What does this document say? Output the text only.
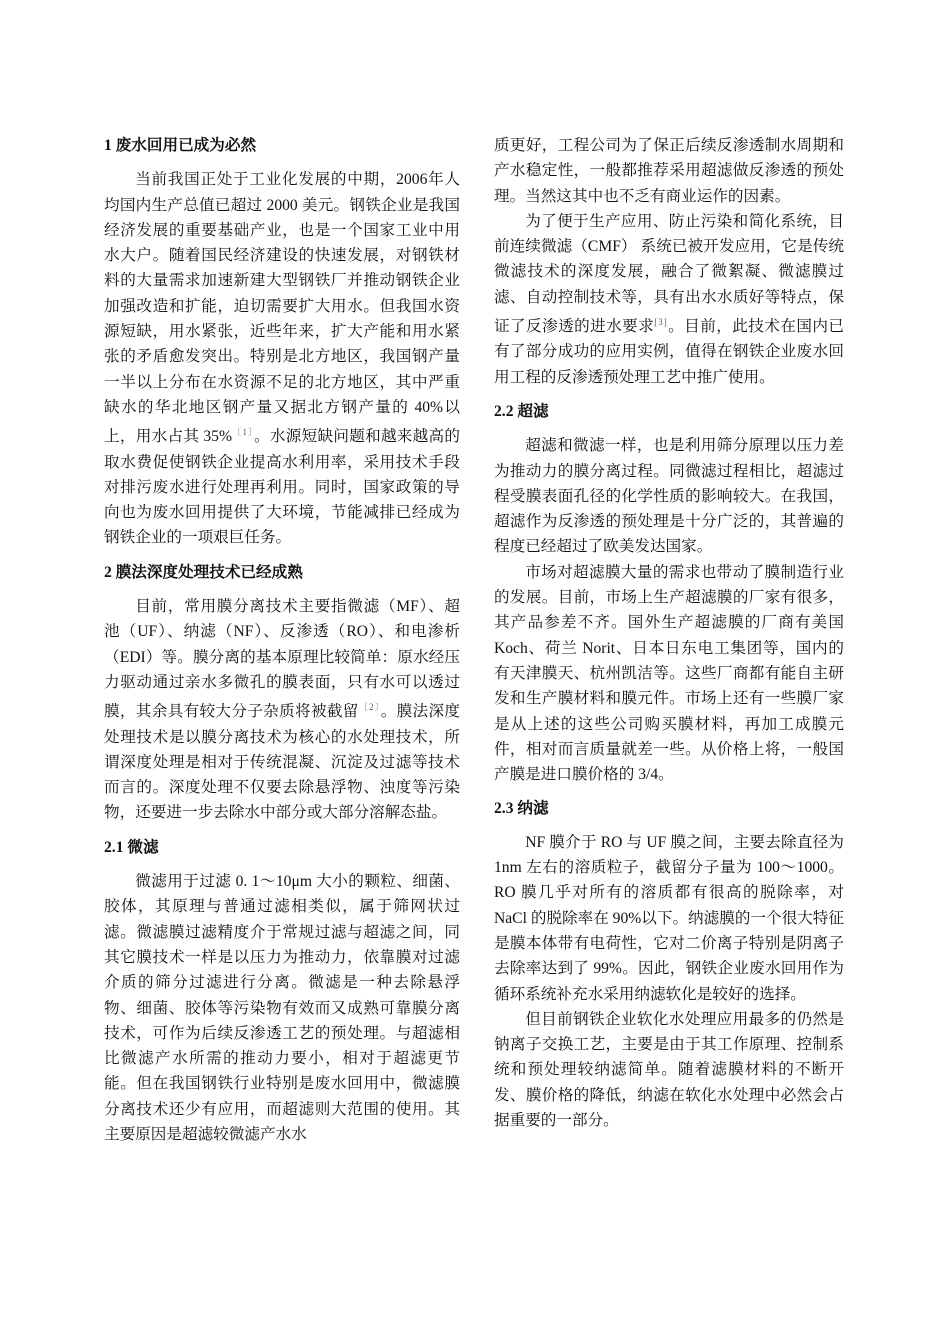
1 废水回用已成为必然

当前我国正处于工业化发展的中期，2006年人均国内生产总值已超过 2000 美元。钢铁企业是我国经济发展的重要基础产业，也是一个国家工业中用水大户。随着国民经济建设的快速发展，对钢铁材料的大量需求加速新建大型钢铁厂并推动钢铁企业加强改造和扩能，迫切需要扩大用水。但我国水资源短缺，用水紧张，近些年来，扩大产能和用水紧张的矛盾愈发突出。特别是北方地区，我国钢产量一半以上分布在水资源不足的北方地区，其中严重缺水的华北地区钢产量又据北方钢产量的 40%以上，用水占其 35%$^{〔1〕}$。水源短缺问题和越来越高的取水费促使钢铁企业提高水利用率，采用技术手段对排污废水进行处理再利用。同时，国家政策的导向也为废水回用提供了大环境，节能减排已经成为钢铁企业的一项艰巨任务。

2 膜法深度处理技术已经成熟

目前，常用膜分离技术主要指微滤（MF）、超池（UF）、纳滤（NF）、反渗透（RO）、和电渗析（EDI）等。膜分离的基本原理比较简单：原水经压力驱动通过亲水多微孔的膜表面，只有水可以透过膜，其余具有较大分子杂质将被截留$^{〔2〕}$。膜法深度处理技术是以膜分离技术为核心的水处理技术，所谓深度处理是相对于传统混凝、沉淀及过滤等技术而言的。深度处理不仅要去除悬浮物、浊度等污染物，还要进一步去除水中部分或大部分溶解态盐。

2.1 微滤

微滤用于过滤 0. 1～10μm 大小的颗粒、细菌、胶体，其原理与普通过滤相类似，属于筛网状过滤。微滤膜过滤精度介于常规过滤与超滤之间，同其它膜技术一样是以压力为推动力，依靠膜对过滤介质的筛分过滤进行分离。微滤是一种去除悬浮物、细菌、胶体等污染物有效而又成熟可靠膜分离技术，可作为后续反渗透工艺的预处理。与超滤相比微滤产水所需的推动力要小，相对于超滤更节能。但在我国钢铁行业特别是废水回用中，微滤膜分离技术还少有应用，而超滤则大范围的使用。其主要原因是超滤较微滤产水水

质更好，工程公司为了保正后续反渗透制水周期和产水稳定性，一般都推荐采用超滤做反渗透的预处理。当然这其中也不乏有商业运作的因素。

为了便于生产应用、防止污染和简化系统，目前连续微滤（CMF） 系统已被开发应用，它是传统微滤技术的深度发展，融合了微絮凝、微滤膜过滤、自动控制技术等，具有出水水质好等特点，保证了反渗透的进水要求[3]。目前，此技术在国内已有了部分成功的应用实例，值得在钢铁企业废水回用工程的反渗透预处理工艺中推广使用。

2.2 超滤

超滤和微滤一样，也是利用筛分原理以压力差为推动力的膜分离过程。同微滤过程相比，超滤过程受膜表面孔径的化学性质的影响较大。在我国，超滤作为反渗透的预处理是十分广泛的，其普遍的程度已经超过了欧美发达国家。

市场对超滤膜大量的需求也带动了膜制造行业的发展。目前，市场上生产超滤膜的厂家有很多，其产品参差不齐。国外生产超滤膜的厂商有美国 Koch、荷兰 Norit、日本日东电工集团等，国内的有天津膜天、杭州凯洁等。这些厂商都有能自主研发和生产膜材料和膜元件。市场上还有一些膜厂家是从上述的这些公司购买膜材料，再加工成膜元件，相对而言质量就差一些。从价格上将，一般国产膜是进口膜价格的 3/4。

2.3 纳滤

NF 膜介于 RO 与 UF 膜之间，主要去除直径为 1nm 左右的溶质粒子，截留分子量为 100～1000。RO 膜几乎对所有的溶质都有很高的脱除率，对 NaCl 的脱除率在 90%以下。纳滤膜的一个很大特征是膜本体带有电荷性，它对二价离子特别是阴离子去除率达到了 99%。因此，钢铁企业废水回用作为循环系统补充水采用纳滤软化是较好的选择。

但目前钢铁企业软化水处理应用最多的仍然是钠离子交换工艺，主要是由于其工作原理、控制系统和预处理较纳滤简单。随着滤膜材料的不断开发、膜价格的降低，纳滤在软化水处理中必然会占据重要的一部分。
